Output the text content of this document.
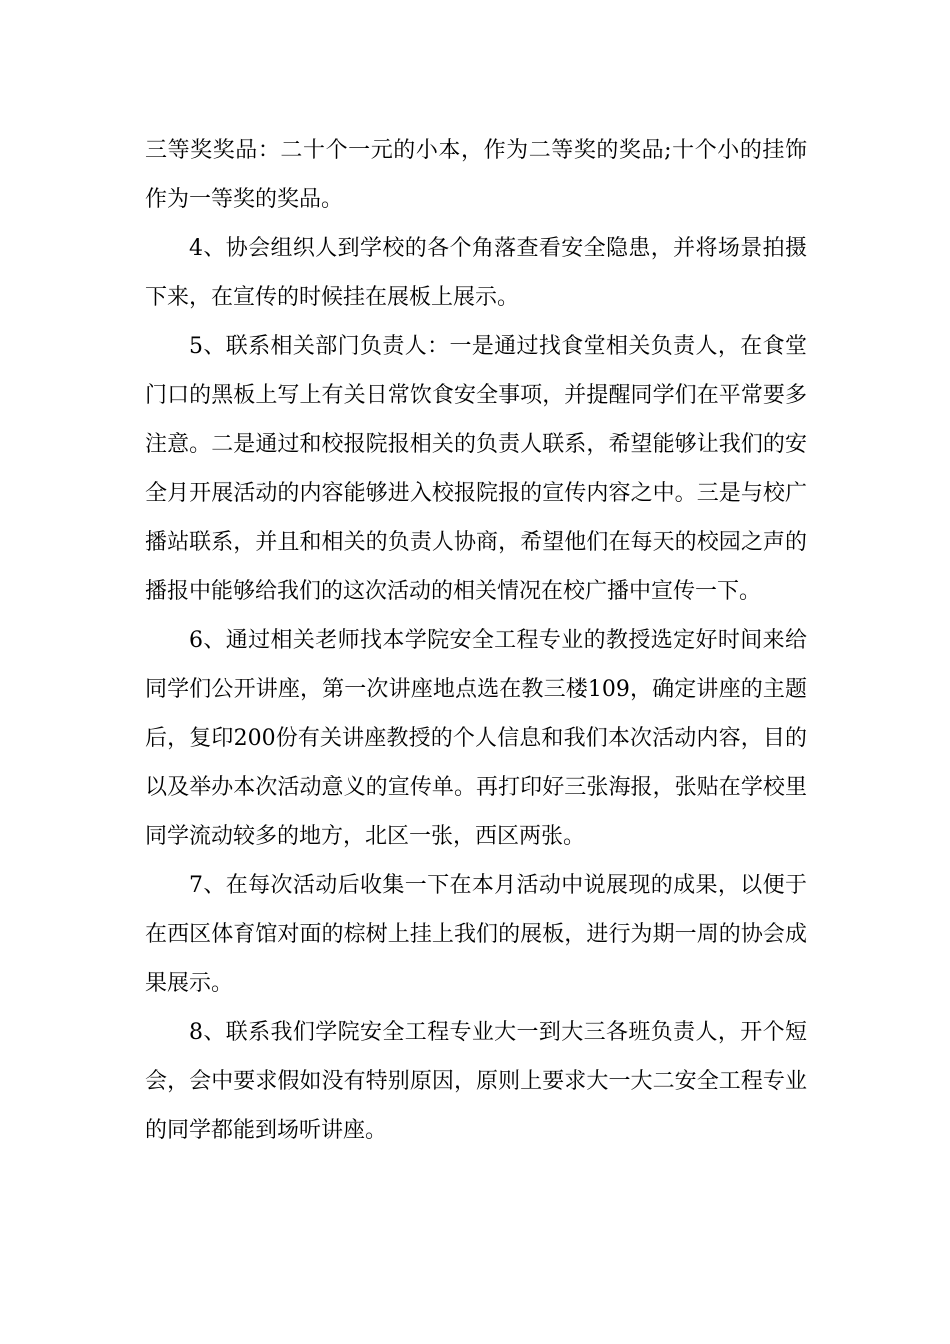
三等奖奖品：二十个一元的小本，作为二等奖的奖品;十个小的挂饰作为一等奖的奖品。

4、协会组织人到学校的各个角落查看安全隐患，并将场景拍摄下来，在宣传的时候挂在展板上展示。

5、联系相关部门负责人：一是通过找食堂相关负责人，在食堂门口的黑板上写上有关日常饮食安全事项，并提醒同学们在平常要多注意。二是通过和校报院报相关的负责人联系，希望能够让我们的安全月开展活动的内容能够进入校报院报的宣传内容之中。三是与校广播站联系，并且和相关的负责人协商，希望他们在每天的校园之声的播报中能够给我们的这次活动的相关情况在校广播中宣传一下。

6、通过相关老师找本学院安全工程专业的教授选定好时间来给同学们公开讲座，第一次讲座地点选在教三楼109，确定讲座的主题后，复印200份有关讲座教授的个人信息和我们本次活动内容，目的以及举办本次活动意义的宣传单。再打印好三张海报，张贴在学校里同学流动较多的地方，北区一张，西区两张。

7、在每次活动后收集一下在本月活动中说展现的成果，以便于在西区体育馆对面的棕树上挂上我们的展板，进行为期一周的协会成果展示。

8、联系我们学院安全工程专业大一到大三各班负责人，开个短会，会中要求假如没有特别原因，原则上要求大一大二安全工程专业的同学都能到场听讲座。
